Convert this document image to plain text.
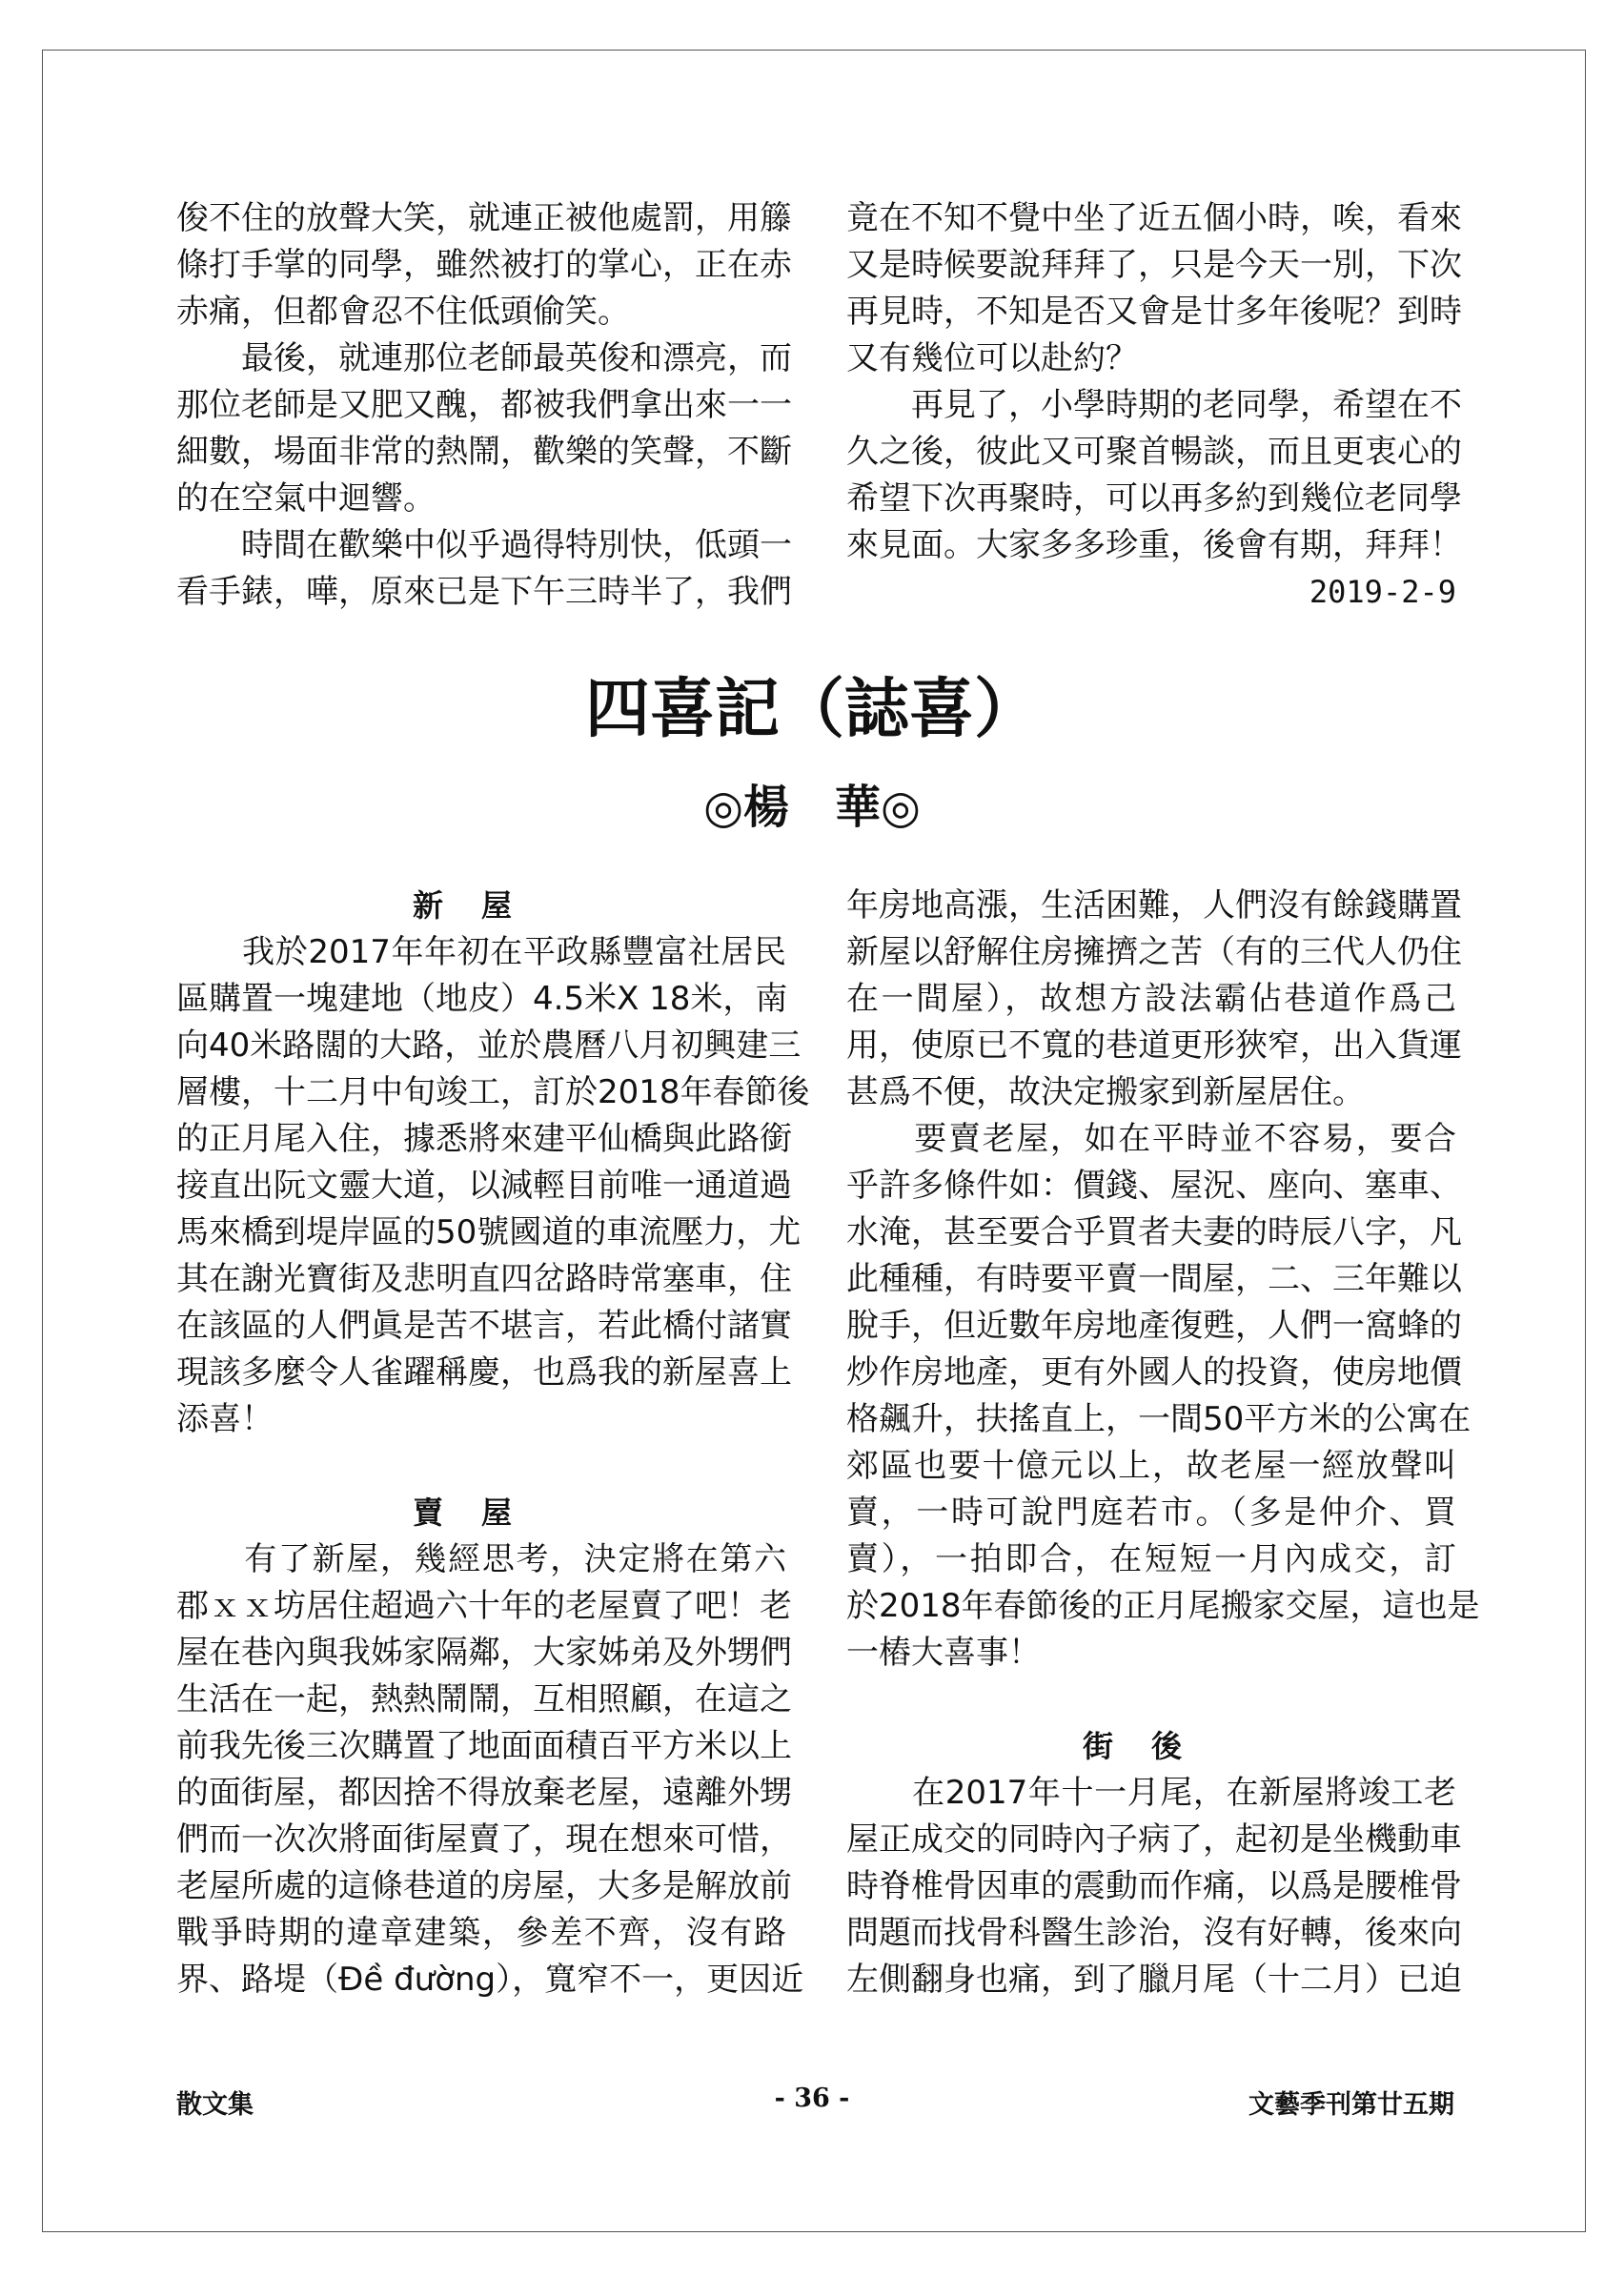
俊不住的放聲大笑，就連正被他處罰，用籐
條打手掌的同學，雖然被打的掌心，正在赤
赤痛，但都會忍不住低頭偷笑。
　　最後，就連那位老師最英俊和漂亮，而
那位老師是又肥又醜，都被我們拿出來一一
細數，場面非常的熱鬧，歡樂的笑聲，不斷
的在空氣中迴響。
　　時間在歡樂中似乎過得特別快，低頭一
看手錶，嘩，原來已是下午三時半了，我們
竟在不知不覺中坐了近五個小時，唉，看來
又是時候要說拜拜了，只是今天一別，下次
再見時，不知是否又會是廿多年後呢？到時
又有幾位可以赴約？
　　再見了，小學時期的老同學，希望在不
久之後，彼此又可聚首暢談，而且更衷心的
希望下次再聚時，可以再多約到幾位老同學
來見面。大家多多珍重，後會有期，拜拜！
2019-2-9
四喜記（誌喜）
◎楊　華◎
新屋
　　我於2017年年初在平政縣豐富社居民
區購置一塊建地（地皮）4.5米X 18米，南
向40米路闊的大路，並於農曆八月初興建三
層樓，十二月中旬竣工，訂於2018年春節後
的正月尾入住，據悉將來建平仙橋與此路銜
接直出阮文靈大道，以減輕目前唯一通道過
馬來橋到堤岸區的50號國道的車流壓力，尤
其在謝光寶街及悲明直四岔路時常塞車，住
在該區的人們眞是苦不堪言，若此橋付諸實
現該多麼令人雀躍稱慶，也爲我的新屋喜上
添喜！
賣屋
　　有了新屋，幾經思考，決定將在第六
郡ｘｘ坊居住超過六十年的老屋賣了吧！老
屋在巷內與我姊家隔鄰，大家姊弟及外甥們
生活在一起，熱熱鬧鬧，互相照顧，在這之
前我先後三次購置了地面面積百平方米以上
的面街屋，都因捨不得放棄老屋，遠離外甥
們而一次次將面街屋賣了，現在想來可惜，
老屋所處的這條巷道的房屋，大多是解放前
戰爭時期的違章建築，參差不齊，沒有路
界、路堤（Đề đường），寬窄不一，更因近
年房地高漲，生活困難，人們沒有餘錢購置
新屋以舒解住房擁擠之苦（有的三代人仍住
在一間屋），故想方設法霸佔巷道作爲己
用，使原已不寬的巷道更形狹窄，出入貨運
甚爲不便，故決定搬家到新屋居住。
　　要賣老屋，如在平時並不容易，要合
乎許多條件如：價錢、屋況、座向、塞車、
水淹，甚至要合乎買者夫妻的時辰八字，凡
此種種，有時要平賣一間屋，二、三年難以
脫手，但近數年房地產復甦，人們一窩蜂的
炒作房地產，更有外國人的投資，使房地價
格飆升，扶搖直上，一間50平方米的公寓在
郊區也要十億元以上，故老屋一經放聲叫
賣，一時可說門庭若市。（多是仲介、買
賣），一拍即合，在短短一月內成交，訂
於2018年春節後的正月尾搬家交屋，這也是
一樁大喜事！
街後
　　在2017年十一月尾，在新屋將竣工老
屋正成交的同時內子病了，起初是坐機動車
時脊椎骨因車的震動而作痛，以爲是腰椎骨
問題而找骨科醫生診治，沒有好轉，後來向
左側翻身也痛，到了臘月尾（十二月）已迫
散文集	- 36 -	文藝季刊第廿五期
